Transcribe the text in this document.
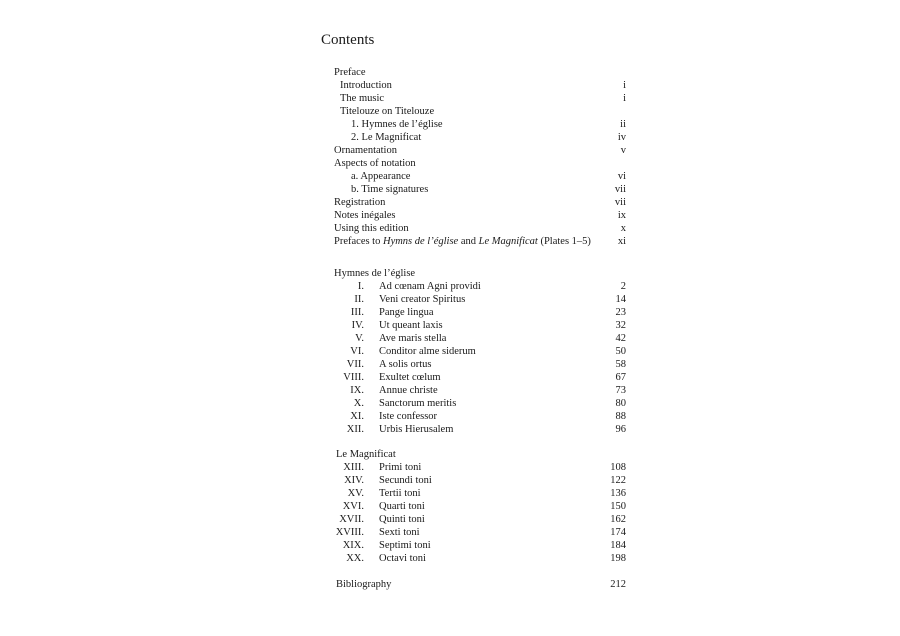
Contents
Preface
Introduction	i
The music	i
Titelouze on Titelouze
1. Hymnes de l’église	ii
2. Le Magnificat	iv
Ornamentation	v
Aspects of notation
a. Appearance	vi
b. Time signatures	vii
Registration	vii
Notes inégales	ix
Using this edition	x
Prefaces to Hymns de l’église and Le Magnificat (Plates 1–5)	xi
Hymnes de l’église
I. Ad cœnam Agni providi	2
II. Veni creator Spiritus	14
III. Pange lingua	23
IV. Ut queant laxis	32
V. Ave maris stella	42
VI. Conditor alme siderum	50
VII. A solis ortus	58
VIII. Exultet cœlum	67
IX. Annue christe	73
X. Sanctorum meritis	80
XI. Iste confessor	88
XII. Urbis Hierusalem	96
Le Magnificat
XIII. Primi toni	108
XIV. Secundi toni	122
XV. Tertii toni	136
XVI. Quarti toni	150
XVII. Quinti toni	162
XVIII. Sexti toni	174
XIX. Septimi toni	184
XX. Octavi toni	198
Bibliography	212
